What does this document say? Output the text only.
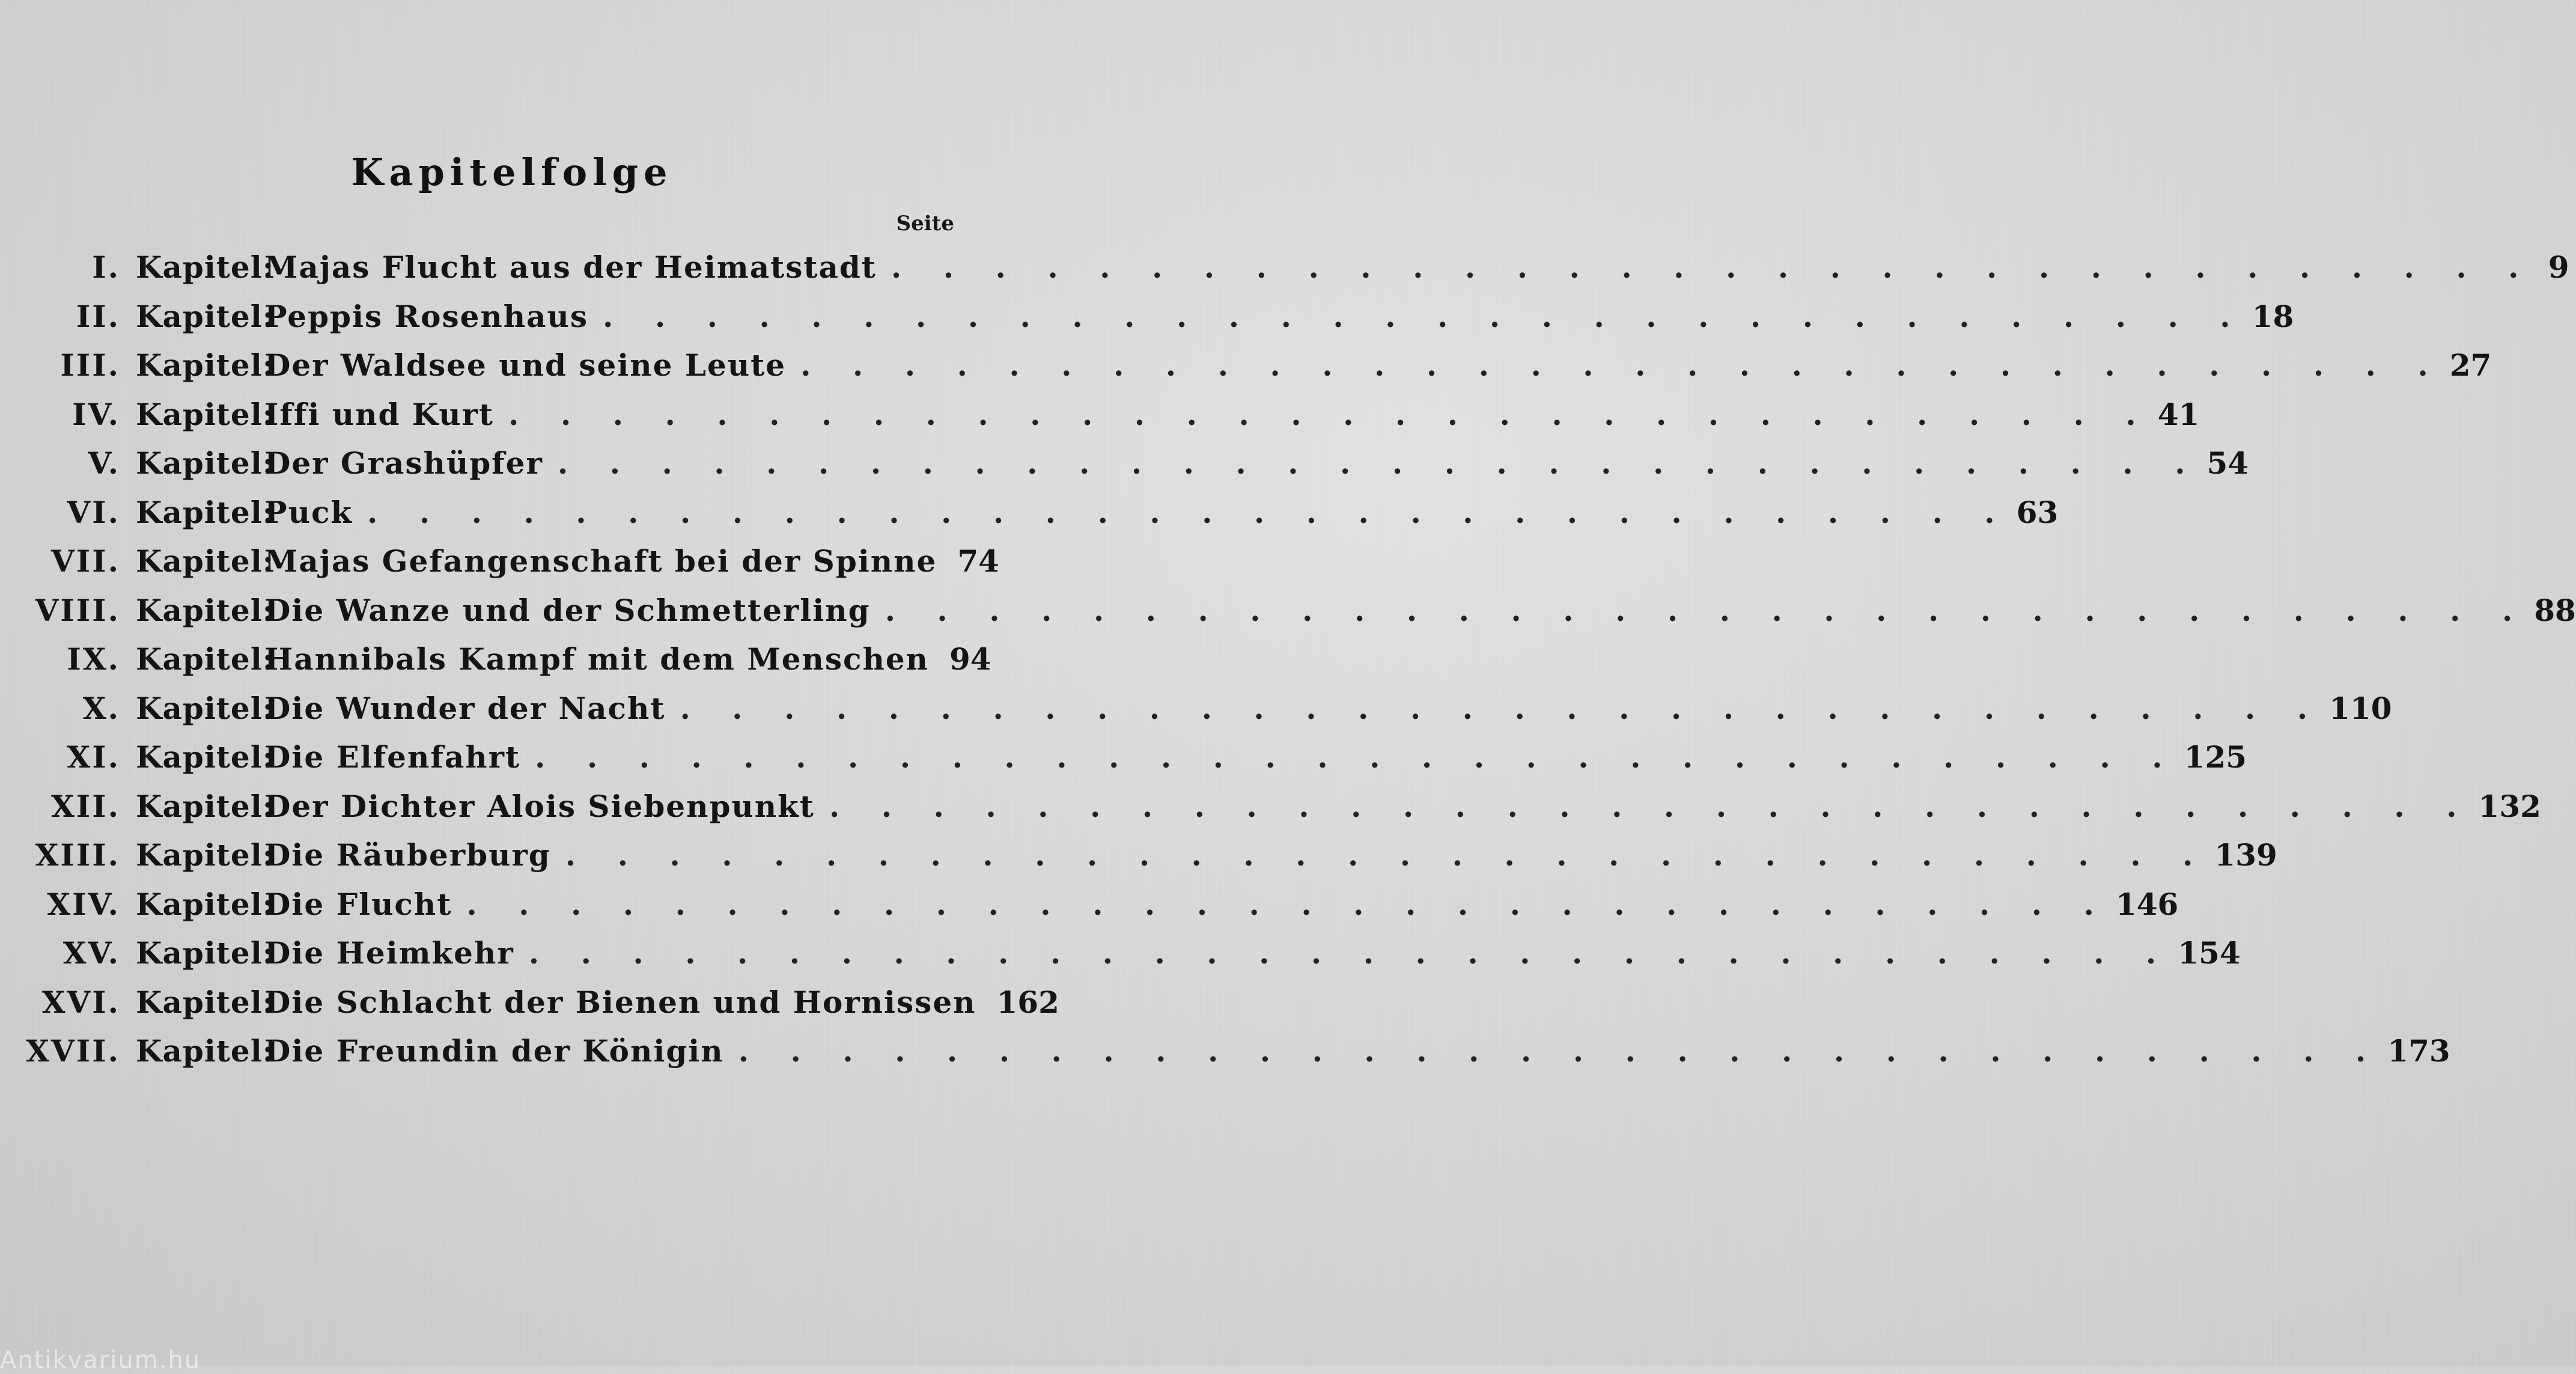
Kapitelfolge
Seite
I. Kapitel:
Majas Flucht aus der Heimatstadt . . . . . . . . . . . . . . . . . . . . . . . . . . . . . . . . 9
II. Kapitel:
Peppis Rosenhaus . . . . . . . . . . . . . . . . . . . . . . . . . . . . . . . . 18
III. Kapitel:
Der Waldsee und seine Leute . . . . . . . . . . . . . . . . . . . . . . . . . . . . . . . . 27
IV. Kapitel:
Iffi und Kurt . . . . . . . . . . . . . . . . . . . . . . . . . . . . . . . . 41
V. Kapitel:
Der Grashüpfer . . . . . . . . . . . . . . . . . . . . . . . . . . . . . . . . 54
VI. Kapitel:
Puck . . . . . . . . . . . . . . . . . . . . . . . . . . . . . . . . 63
VII. Kapitel:
Majas Gefangenschaft bei der Spinne 74
VIII. Kapitel:
Die Wanze und der Schmetterling . . . . . . . . . . . . . . . . . . . . . . . . . . . . . . . . 88
IX. Kapitel:
Hannibals Kampf mit dem Menschen 94
X. Kapitel:
Die Wunder der Nacht . . . . . . . . . . . . . . . . . . . . . . . . . . . . . . . . 110
XI. Kapitel:
Die Elfenfahrt . . . . . . . . . . . . . . . . . . . . . . . . . . . . . . . . 125
XII. Kapitel:
Der Dichter Alois Siebenpunkt . . . . . . . . . . . . . . . . . . . . . . . . . . . . . . . . 132
XIII. Kapitel:
Die Räuberburg . . . . . . . . . . . . . . . . . . . . . . . . . . . . . . . . 139
XIV. Kapitel:
Die Flucht . . . . . . . . . . . . . . . . . . . . . . . . . . . . . . . . 146
XV. Kapitel:
Die Heimkehr . . . . . . . . . . . . . . . . . . . . . . . . . . . . . . . . 154
XVI. Kapitel:
Die Schlacht der Bienen und Hornissen 162
XVII. Kapitel:
Die Freundin der Königin . . . . . . . . . . . . . . . . . . . . . . . . . . . . . . . . 173
Antikvarium.hu
